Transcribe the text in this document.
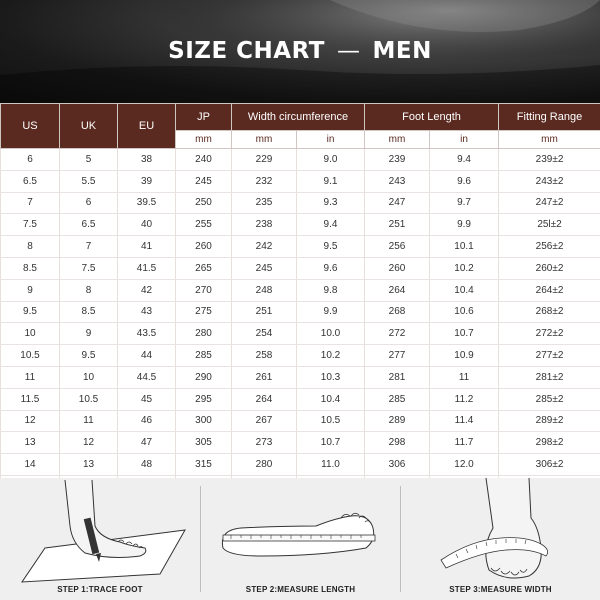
SIZE CHART — MEN
US	UK	EU	JP	Width circumference		Foot Length		Fitting Range
			mm	mm	in	mm	in	mm
6	5	38	240	229	9.0	239	9.4	239±2
6.5	5.5	39	245	232	9.1	243	9.6	243±2
7	6	39.5	250	235	9.3	247	9.7	247±2
7.5	6.5	40	255	238	9.4	251	9.9	25l±2
8	7	41	260	242	9.5	256	10.1	256±2
8.5	7.5	41.5	265	245	9.6	260	10.2	260±2
9	8	42	270	248	9.8	264	10.4	264±2
9.5	8.5	43	275	251	9.9	268	10.6	268±2
10	9	43.5	280	254	10.0	272	10.7	272±2
10.5	9.5	44	285	258	10.2	277	10.9	277±2
11	10	44.5	290	261	10.3	281	11	281±2
11.5	10.5	45	295	264	10.4	285	11.2	285±2
12	11	46	300	267	10.5	289	11.4	289±2
13	12	47	305	273	10.7	298	11.7	298±2
14	13	48	315	280	11.0	306	12.0	306±2

STEP 1:TRACE FOOT	STEP 2:MEASURE LENGTH	STEP 3:MEASURE WIDTH
